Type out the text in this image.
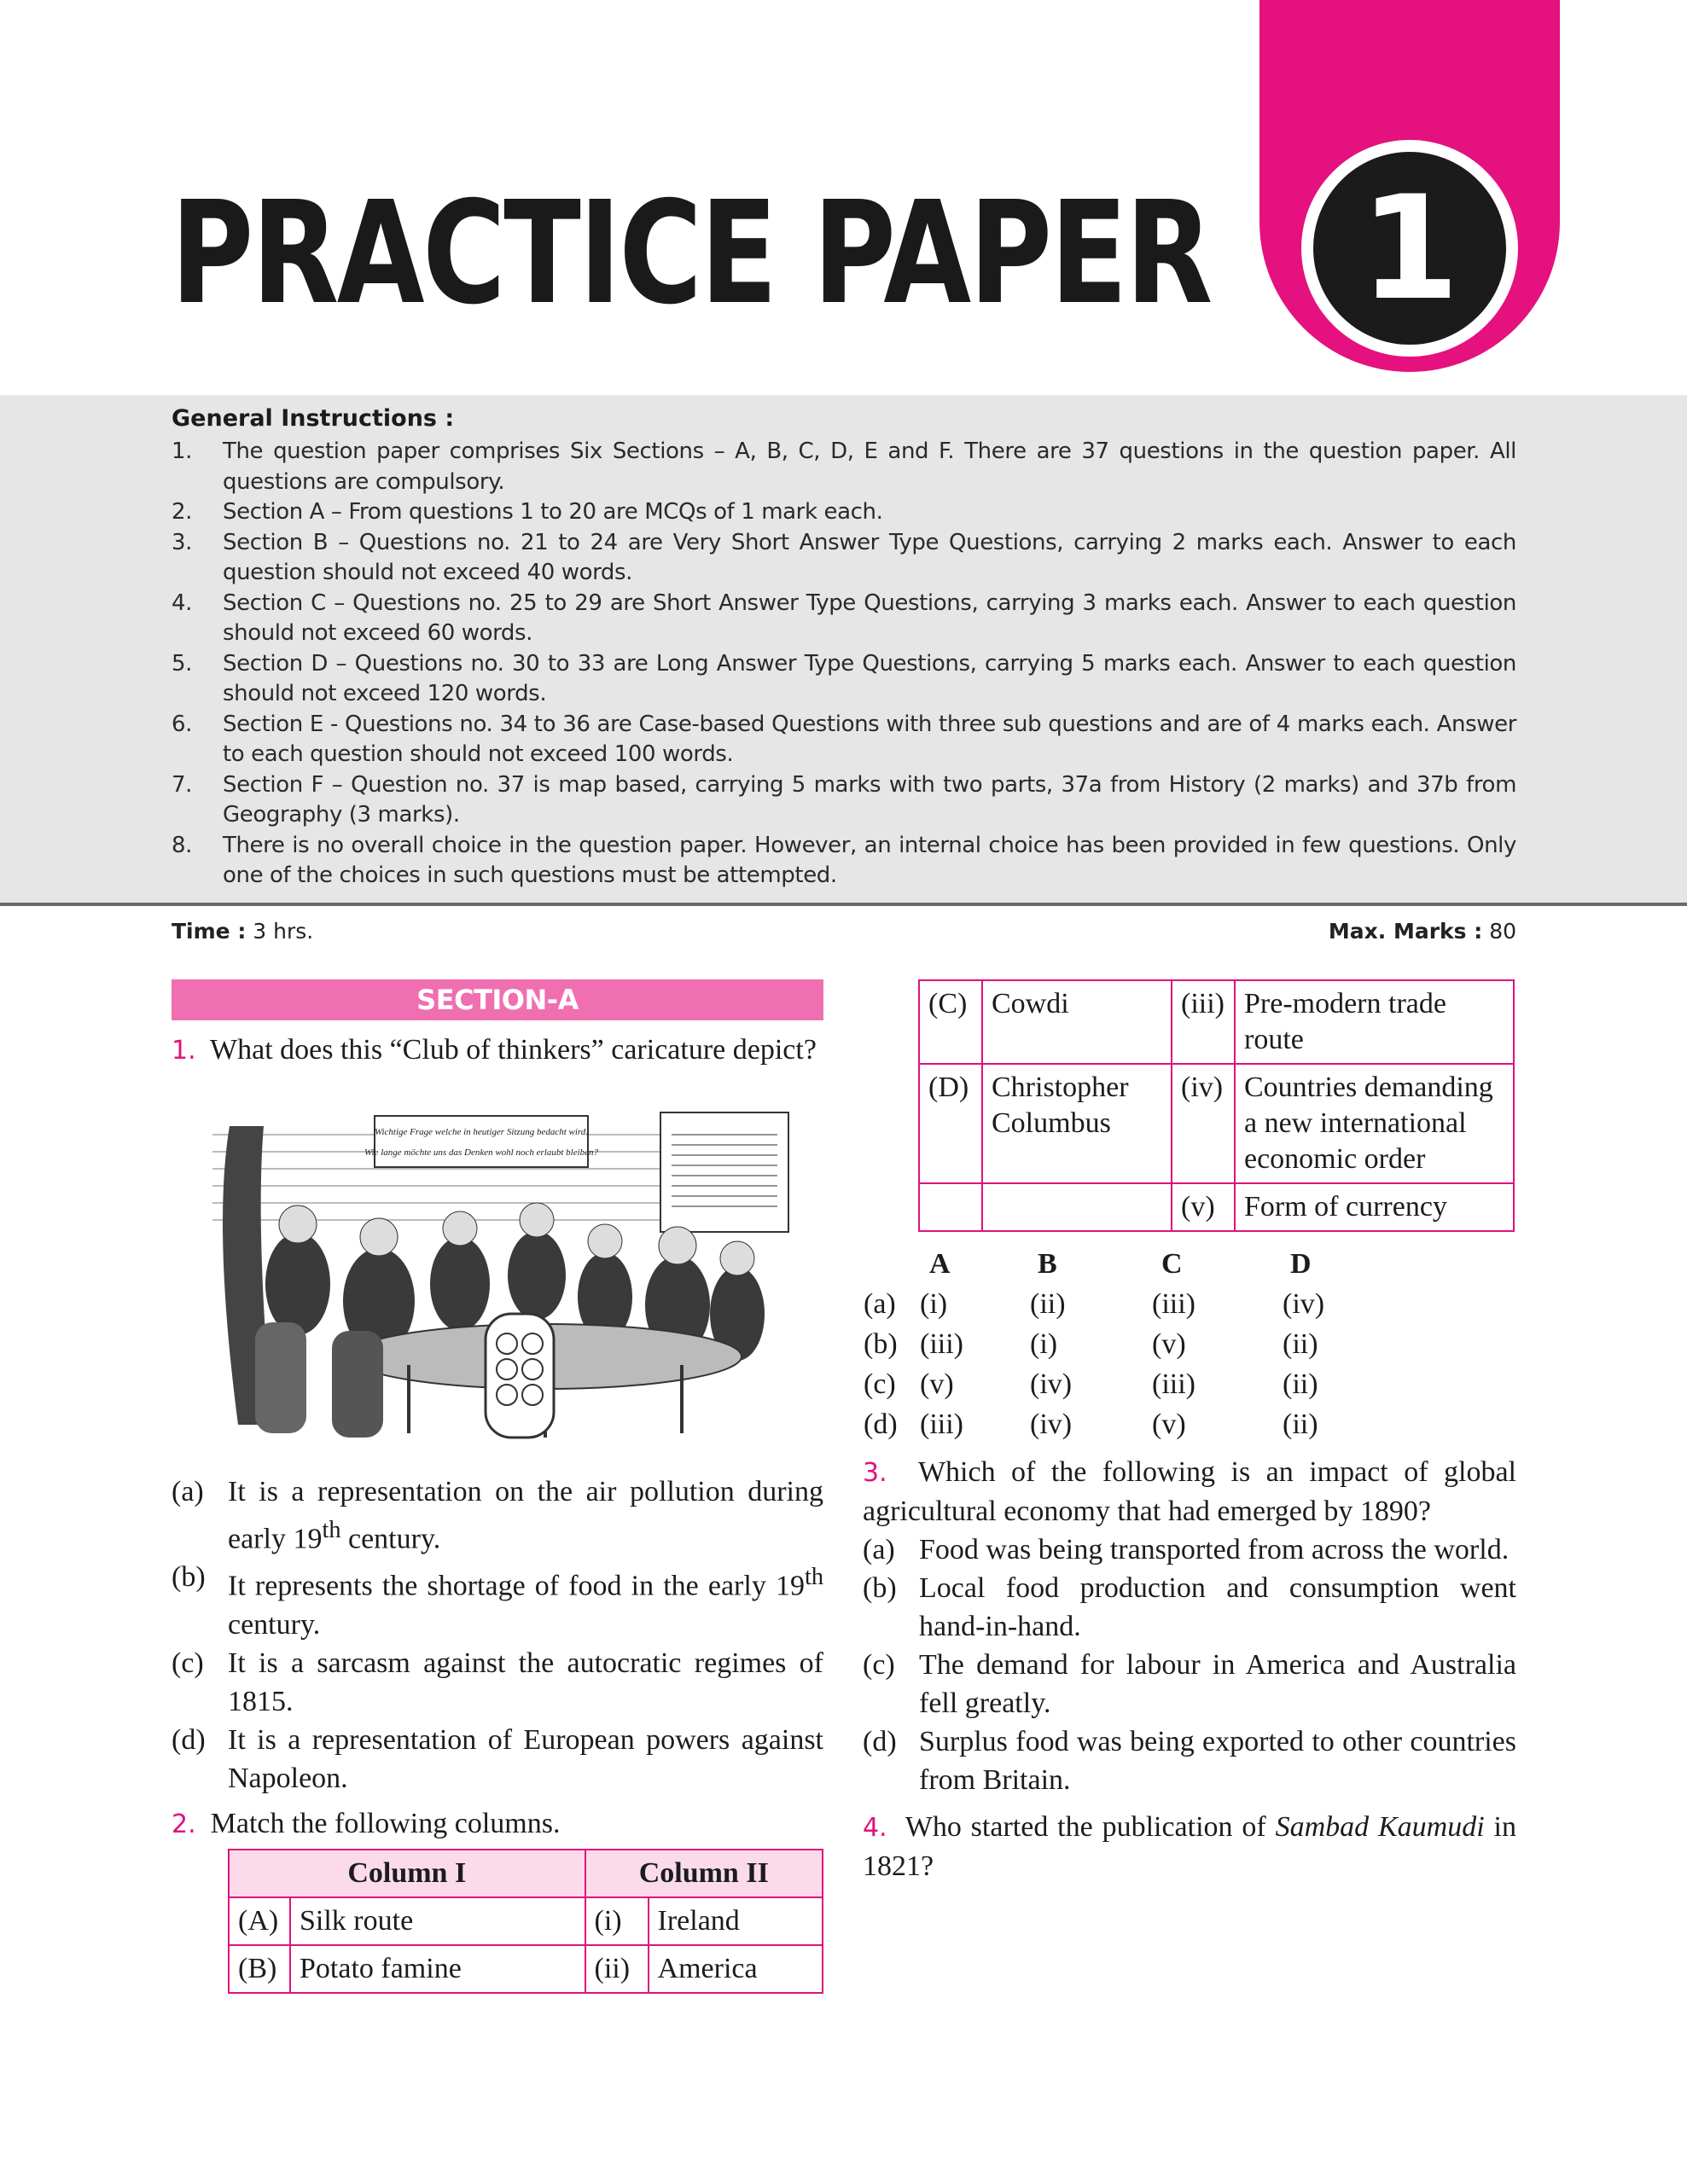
PRACTICE PAPER	1
General Instructions :
1. The question paper comprises Six Sections – A, B, C, D, E and F. There are 37 questions in the question paper. All questions are compulsory.
2. Section A – From questions 1 to 20 are MCQs of 1 mark each.
3. Section B – Questions no. 21 to 24 are Very Short Answer Type Questions, carrying 2 marks each. Answer to each question should not exceed 40 words.
4. Section C – Questions no. 25 to 29 are Short Answer Type Questions, carrying 3 marks each. Answer to each question should not exceed 60 words.
5. Section D – Questions no. 30 to 33 are Long Answer Type Questions, carrying 5 marks each. Answer to each question should not exceed 120 words.
6. Section E - Questions no. 34 to 36 are Case-based Questions with three sub questions and are of 4 marks each. Answer to each question should not exceed 100 words.
7. Section F – Question no. 37 is map based, carrying 5 marks with two parts, 37a from History (2 marks) and 37b from Geography (3 marks).
8. There is no overall choice in the question paper. However, an internal choice has been provided in few questions. Only one of the choices in such questions must be attempted.
Time : 3 hrs.	Max. Marks : 80
SECTION-A

1. What does this “Club of thinkers” caricature depict?

Wichtige Frage welche in heutiger Sitzung bedacht wird.
Wie lange möchte uns das Denken wohl noch erlaubt bleiben?
(a) It is a representation on the air pollution during early 19th century.
(b) It represents the shortage of food in the early 19th century.
(c) It is a sarcasm against the autocratic regimes of 1815.
(d) It is a representation of European powers against Napoleon.

2. Match the following columns.

Column I		Column II	
(A)	Silk route	(i)	Ireland
(B)	Potato famine	(ii)	America
(C)	Cowdi	(iii)	Pre-modern trade route
(D)	Christopher Columbus	(iv)	Countries demanding a new international economic order
		(v)	Form of currency
	A	B	C	D
(a)	(i)	(ii)	(iii)	(iv)
(b)	(iii)	(i)	(v)	(ii)
(c)	(v)	(iv)	(iii)	(ii)
(d)	(iii)	(iv)	(v)	(ii)

3. Which of the following is an impact of global agricultural economy that had emerged by 1890?

(a) Food was being transported from across the world.
(b) Local food production and consumption went hand-in-hand.
(c) The demand for labour in America and Australia fell greatly.
(d) Surplus food was being exported to other countries from Britain.

4. Who started the publication of Sambad Kaumudi in 1821?
